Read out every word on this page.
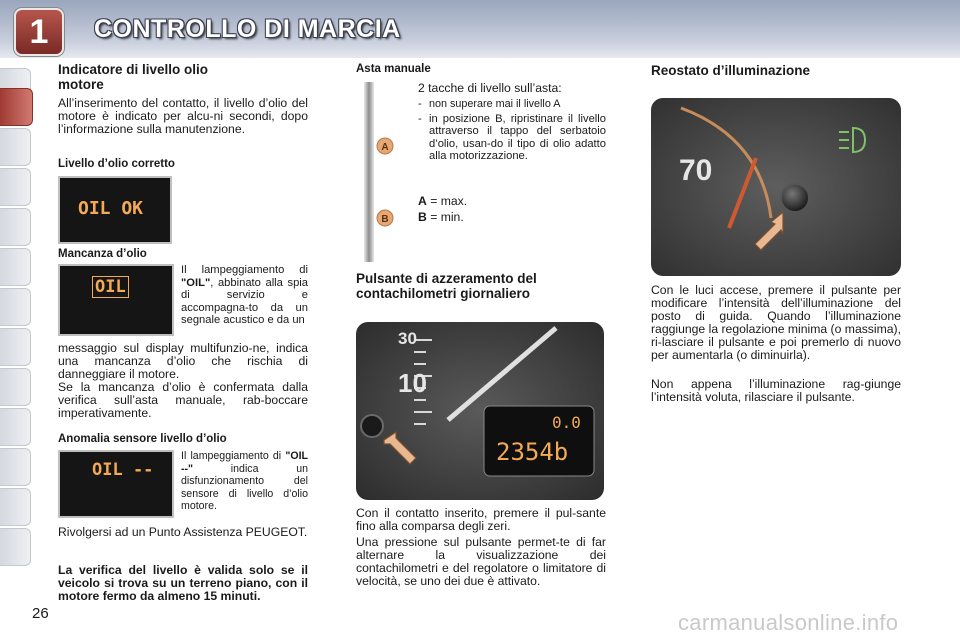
1	CONTROLLO DI MARCIA
Indicatore di livello olio
motore
All’inserimento del contatto, il livello d’olio del motore è indicato per alcu-ni secondi, dopo l’informazione sulla manutenzione.
Livello d’olio corretto
OIL OK
Mancanza d’olio
OIL
Il lampeggiamento di "OIL", abbinato alla spia di servizio e accompagna-to da un segnale acustico e da un
messaggio sul display multifunzio-ne, indica una mancanza d’olio che rischia di danneggiare il motore.
Se la mancanza d’olio è confermata dalla verifica sull’asta manuale, rab-boccare imperativamente.
Anomalia sensore livello d’olio
OIL --
Il lampeggiamento di "OIL --" indica un disfunzionamento del sensore di livello d’olio motore.
Rivolgersi ad un Punto Assistenza PEUGEOT.
La verifica del livello è valida solo se il veicolo si trova su un terreno piano, con il motore fermo da almeno 15 minuti.
Asta manuale
A
B
2 tacche di livello sull’asta:
- non superare mai il livello A
- in posizione B, ripristinare il livello attraverso il tappo del serbatoio d’olio, usan-do il tipo di olio adatto alla motorizzazione.
A = max.
B = min.
Pulsante di azzeramento del
contachilometri giornaliero
30
10
0.0
2354b
Con il contatto inserito, premere il pul-sante fino alla comparsa degli zeri.
Una pressione sul pulsante permet-te di far alternare la visualizzazione dei contachilometri e del regolatore o limitatore di velocità, se uno dei due è attivato.
Reostato d’illuminazione
70
Con le luci accese, premere il pulsante per modificare l’intensità dell’illuminazione del posto di guida. Quando l’illuminazione raggiunge la regolazione minima (o massima), ri-lasciare il pulsante e poi premerlo di nuovo per aumentarla (o diminuirla).
Non appena l’illuminazione rag-giunge l’intensità voluta, rilasciare il pulsante.
26	carmanualsonline.info
